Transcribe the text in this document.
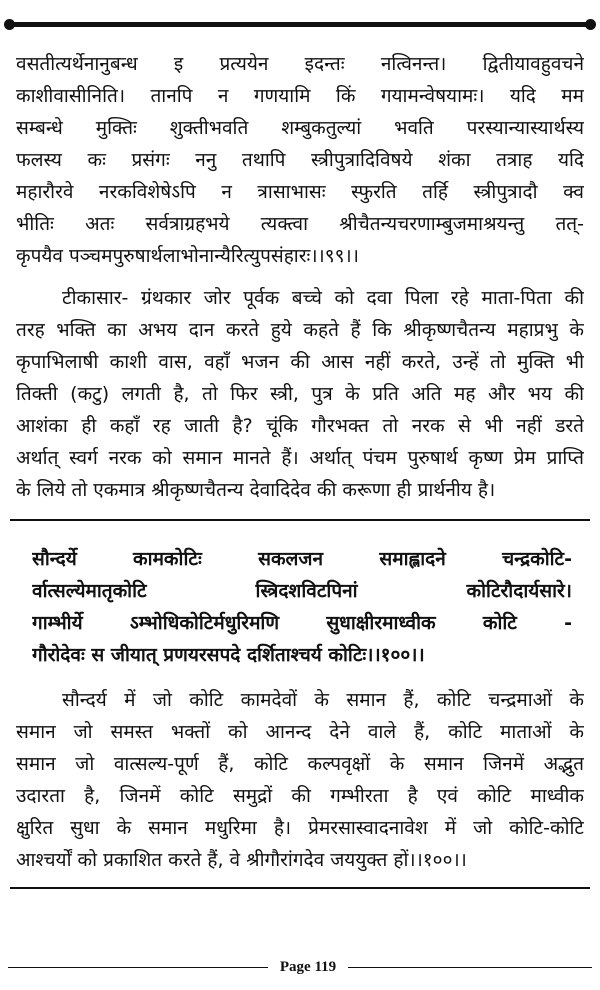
वसतीत्यर्थेनानुबन्ध इ प्रत्ययेन इदन्तः नत्विनन्त। द्वितीयावहुवचने
काशीवासीनिति। तानपि न गणयामि किं गयामन्वेषयामः। यदि मम
सम्बन्धे मुक्तिः शुक्तीभवति शम्बुकतुल्यां भवति परस्यान्यास्यार्थस्य
फलस्य कः प्रसंगः ननु तथापि स्त्रीपुत्रादिविषये शंका तत्राह यदि
महारौरवे नरकविशेषेऽपि न त्रासाभासः स्फुरति तर्हि स्त्रीपुत्रादौ क्व
भीतिः अतः सर्वत्राग्रहभये त्यक्त्वा श्रीचैतन्यचरणाम्बुजमाश्रयन्तु तत्-
कृपयैव पञ्चमपुरुषार्थलाभोनान्यैरित्युपसंहारः।।९९।।
टीकासार- ग्रंथकार जोर पूर्वक बच्चे को दवा पिला रहे माता-पिता की
तरह भक्ति का अभय दान करते हुये कहते हैं कि श्रीकृष्णचैतन्य महाप्रभु के
कृपाभिलाषी काशी वास, वहाँ भजन की आस नहीं करते, उन्हें तो मुक्ति भी
तिक्ती (कटु) लगती है, तो फिर स्त्री, पुत्र के प्रति अति मह और भय की
आशंका ही कहाँ रह जाती है? चूंकि गौरभक्त तो नरक से भी नहीं डरते
अर्थात् स्वर्ग नरक को समान मानते हैं। अर्थात् पंचम पुरुषार्थ कृष्ण प्रेम प्राप्ति
के लिये तो एकमात्र श्रीकृष्णचैतन्य देवादिदेव की करूणा ही प्रार्थनीय है।
सौन्दर्ये कामकोटिः सकलजन समाह्लादने चन्द्रकोटि-
र्वात्सल्येमातृकोटि स्त्रिदशविटपिनां कोटिरौदार्यसारे।
गाम्भीर्ये ऽम्भोधिकोटिर्मधुरिमणि सुधाक्षीरमाध्वीक कोटि -
गौरोदेवः स जीयात् प्रणयरसपदे दर्शिताश्चर्य कोटिः।।१००।।
सौन्दर्य में जो कोटि कामदेवों के समान हैं, कोटि चन्द्रमाओं के
समान जो समस्त भक्तों को आनन्द देने वाले हैं, कोटि माताओं के
समान जो वात्सल्य-पूर्ण हैं, कोटि कल्पवृक्षों के समान जिनमें अद्भुत
उदारता है, जिनमें कोटि समुद्रों की गम्भीरता है एवं कोटि माध्वीक
क्षुरित सुधा के समान मधुरिमा है। प्रेमरसास्वादनावेश में जो कोटि-कोटि
आश्चर्यों को प्रकाशित करते हैं, वे श्रीगौरांगदेव जययुक्त हों।।१००।।
Page 119
